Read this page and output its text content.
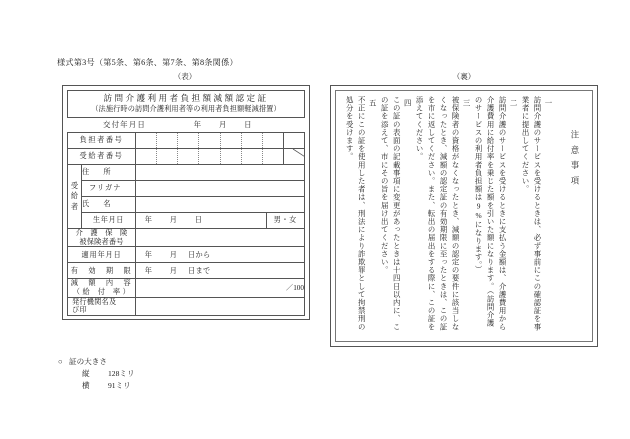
様式第3号（第5条、第6条、第7条、第8条関係）
（表）	（裏）
訪問介護利用者負担額減額認定証
（法施行時の訪問介護利用者等の利用者負担額軽減措置）
交付年月日	年 月 日
負担者番号	

受給者番号	

受給者
	住　所	
フリガナ	
氏　名	
生年月日		年 月 日	男・女

介　護　保　険
被保険者番号

適用年月日	年 月 日から
有　効　期　限	年 月 日まで

減　額　内　容
（ 給　付　率 ）	／100

発行機関名及
び印

○ 証の大きさ
縦 128ミリ
横 91ミリ
注意事項
一
訪問介護のサービスを受けるときは、必ず事前にこの確認証を事業者に提出してください。
二
訪問介護のサービスを受けるときに支払う金額は、介護費用から介護費用に給付率を乗じた額を引いた額になります。（訪問介護のサービスの利用者負担額は9%になります。）
三
被保険者の資格がなくなったとき、減額の認定の要件に該当しなくなったとき、減額の認定証の有効期限に至ったときは、この証を市に返してください。また、転出の届出をする際に、この証を添えてください。
四
この証の表面の記載事項に変更があったときは十四日以内に、この証を添えて、市にその旨を届け出てください。
五
不正にこの証を使用した者は、刑法により詐欺罪として拘禁刑の処分を受けます。
